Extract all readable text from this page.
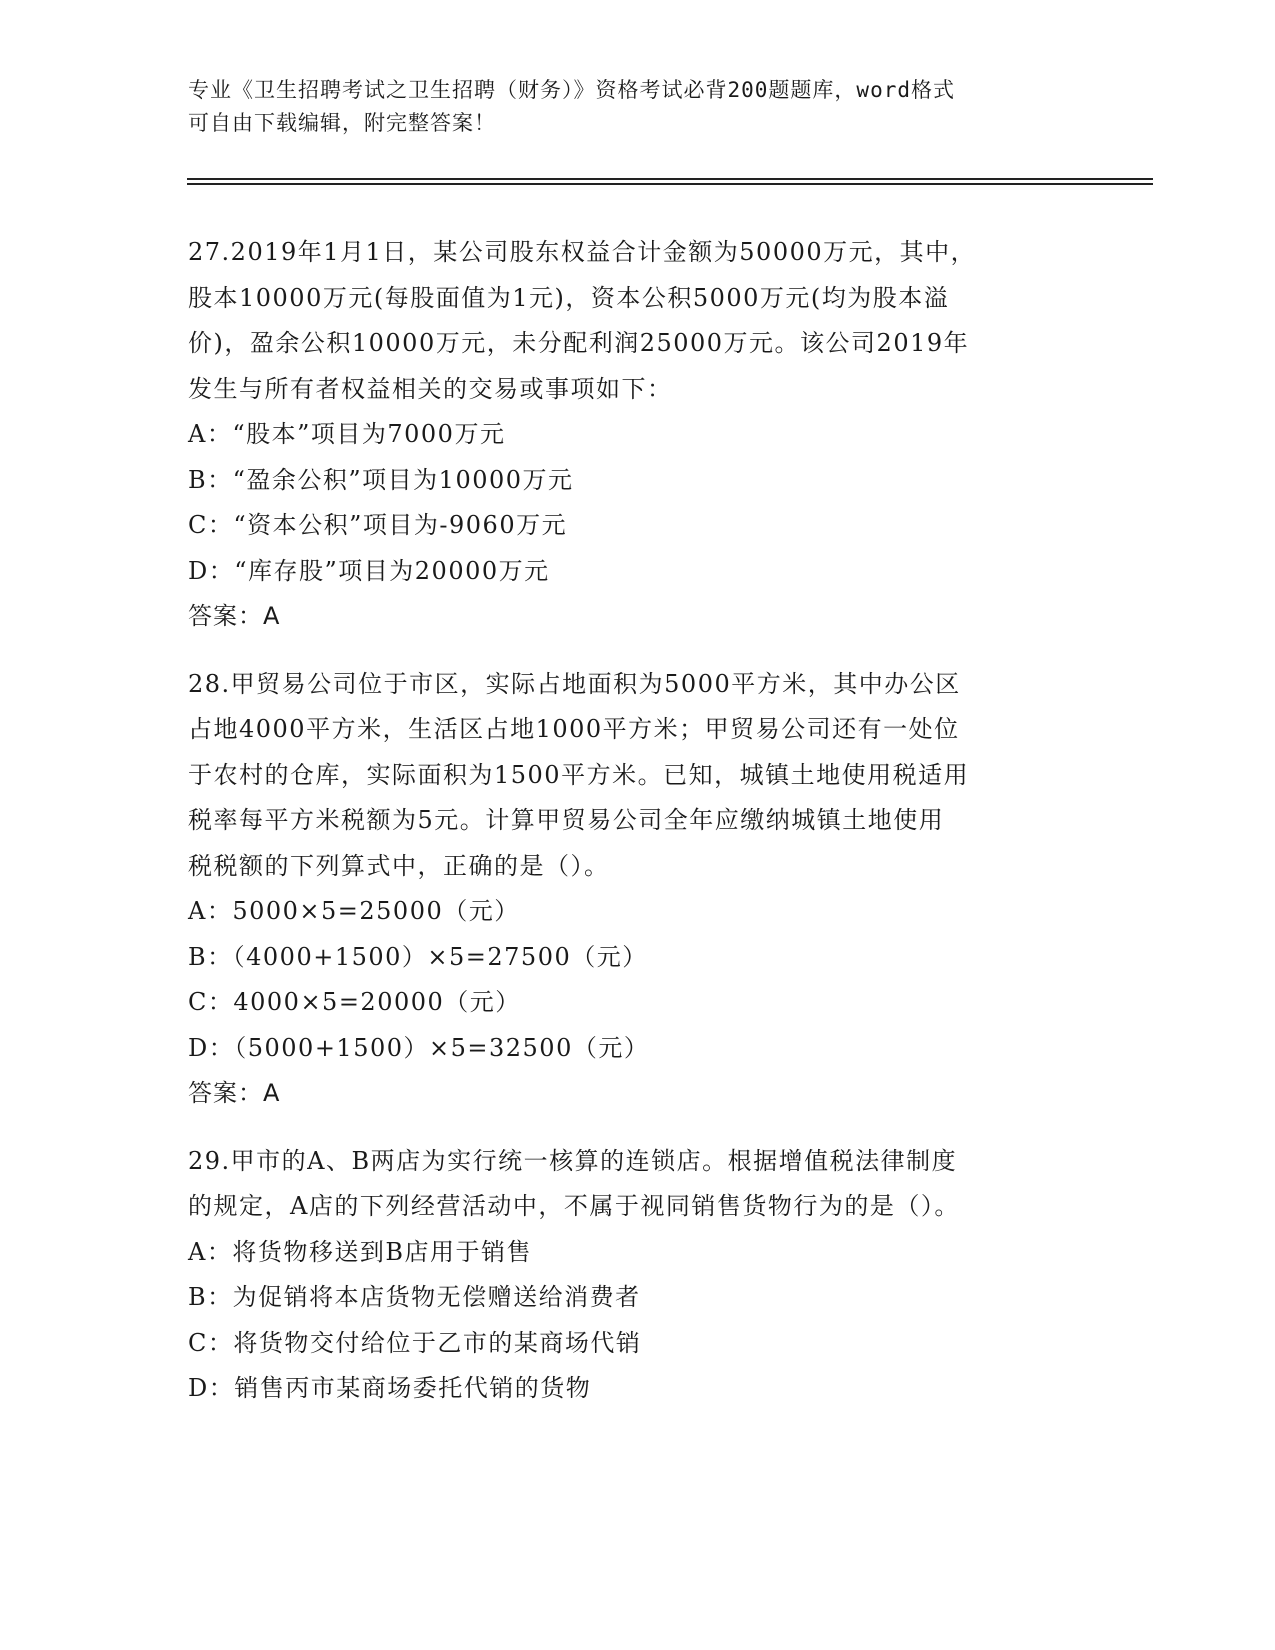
专业《卫生招聘考试之卫生招聘（财务）》资格考试必背200题题库，word格式
可自由下载编辑，附完整答案！
27.2019年1月1日，某公司股东权益合计金额为50000万元，其中，
股本10000万元(每股面值为1元)，资本公积5000万元(均为股本溢
价)，盈余公积10000万元，未分配利润25000万元。该公司2019年
发生与所有者权益相关的交易或事项如下：
A：“股本”项目为7000万元
B：“盈余公积”项目为10000万元
C：“资本公积”项目为-9060万元
D：“库存股”项目为20000万元
答案：A
28.甲贸易公司位于市区，实际占地面积为5000平方米，其中办公区
占地4000平方米，生活区占地1000平方米；甲贸易公司还有一处位
于农村的仓库，实际面积为1500平方米。已知，城镇土地使用税适用
税率每平方米税额为5元。计算甲贸易公司全年应缴纳城镇土地使用
税税额的下列算式中，正确的是（）。
A：5000×5=25000（元）
B：（4000+1500）×5=27500（元）
C：4000×5=20000（元）
D：（5000+1500）×5=32500（元）
答案：A
29.甲市的A、B两店为实行统一核算的连锁店。根据增值税法律制度
的规定，A店的下列经营活动中，不属于视同销售货物行为的是（）。
A：将货物移送到B店用于销售
B：为促销将本店货物无偿赠送给消费者
C：将货物交付给位于乙市的某商场代销
D：销售丙市某商场委托代销的货物
